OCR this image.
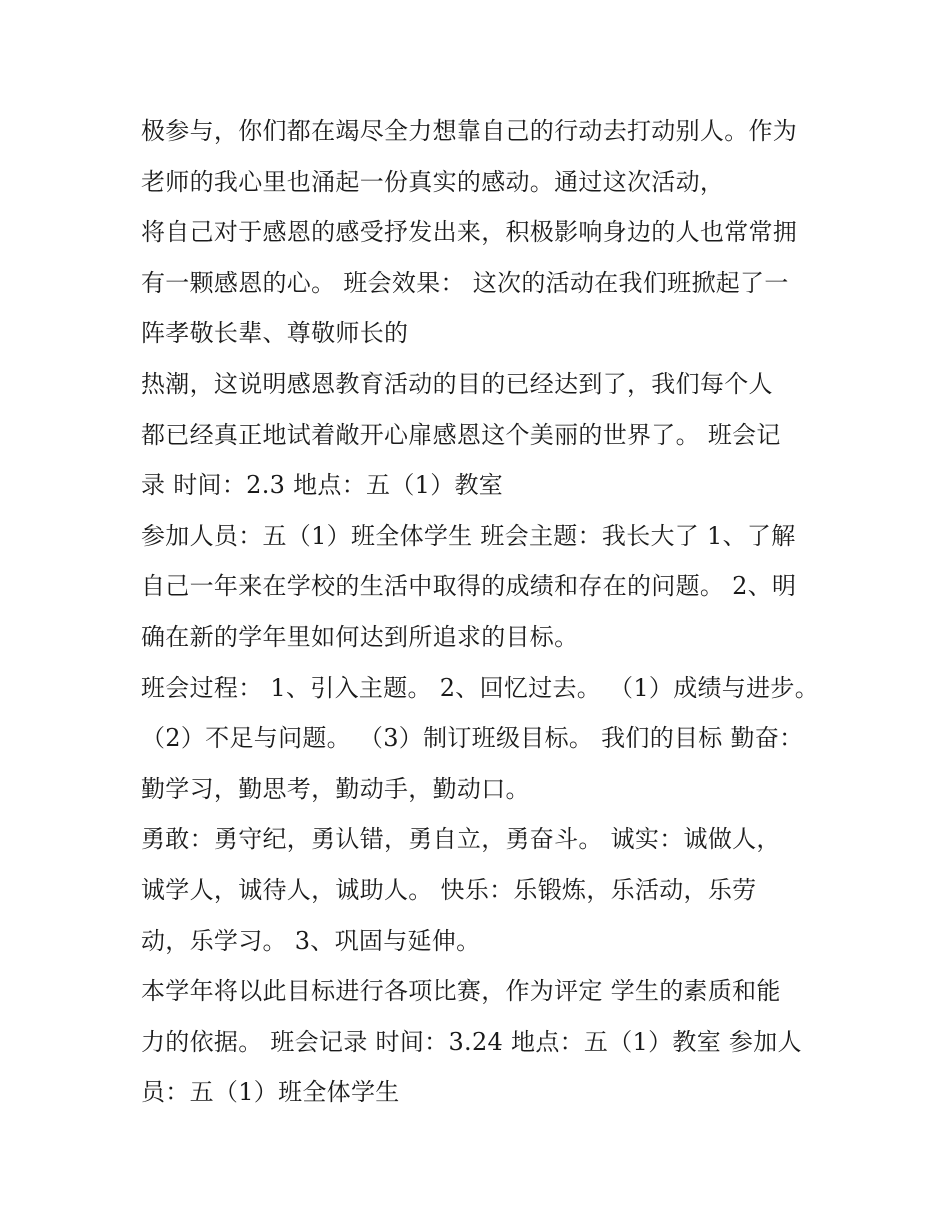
极参与，你们都在竭尽全力想靠自己的行动去打动别人。作为
老师的我心里也涌起一份真实的感动。通过这次活动，
将自己对于感恩的感受抒发出来，积极影响身边的人也常常拥
有一颗感恩的心。 班会效果： 这次的活动在我们班掀起了一
阵孝敬长辈、尊敬师长的
热潮，这说明感恩教育活动的目的已经达到了，我们每个人
都已经真正地试着敞开心扉感恩这个美丽的世界了。 班会记
录 时间：2.3 地点：五（1）教室
参加人员：五（1）班全体学生 班会主题：我长大了 1、了解
自己一年来在学校的生活中取得的成绩和存在的问题。 2、明
确在新的学年里如何达到所追求的目标。
班会过程： 1、引入主题。 2、回忆过去。 （1）成绩与进步。
（2）不足与问题。 （3）制订班级目标。 我们的目标 勤奋：
勤学习，勤思考，勤动手，勤动口。
勇敢：勇守纪，勇认错，勇自立，勇奋斗。 诚实：诚做人，
诚学人，诚待人，诚助人。 快乐：乐锻炼，乐活动，乐劳
动，乐学习。 3、巩固与延伸。
本学年将以此目标进行各项比赛，作为评定 学生的素质和能
力的依据。 班会记录 时间：3.24 地点：五（1）教室 参加人
员：五（1）班全体学生
